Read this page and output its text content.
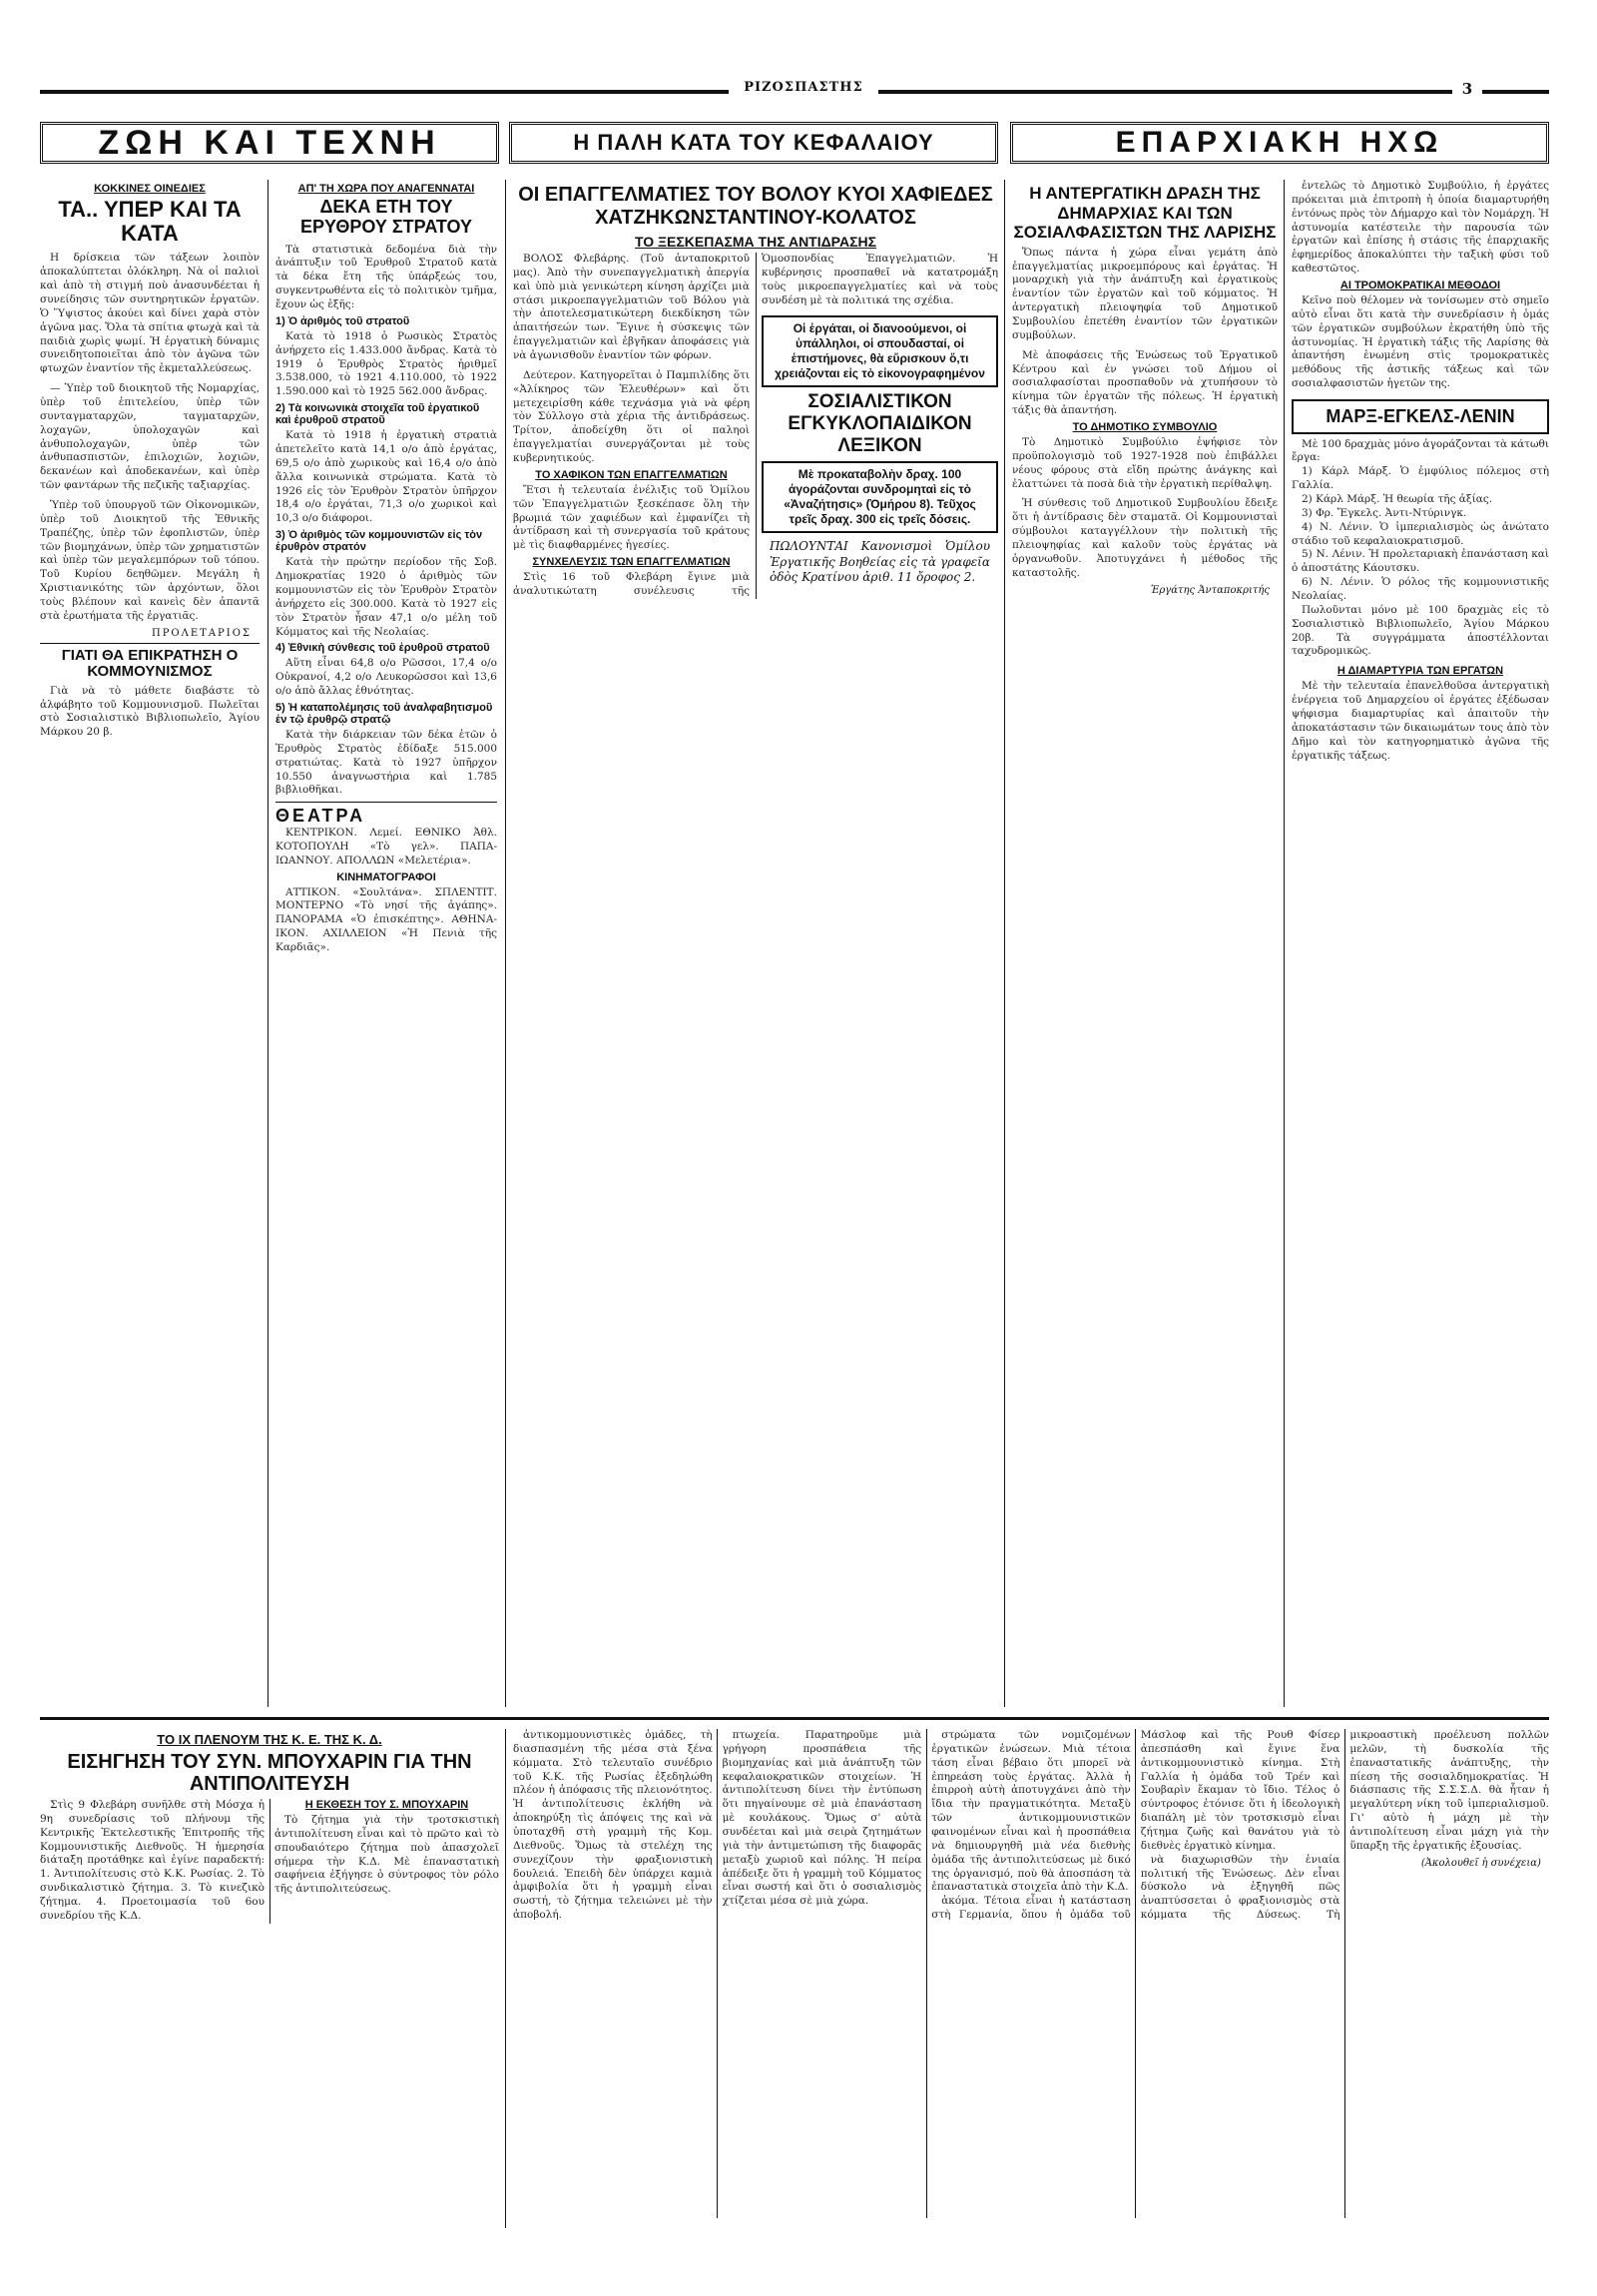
ΡΙΖΟΣΠΑΣΤΗΣ	3
ΖΩΗ ΚΑΙ ΤΕΧΝΗ	Η ΠΑΛΗ ΚΑΤΑ ΤΟΥ ΚΕΦΑΛΑΙΟΥ	ΕΠΑΡΧΙΑΚΗ ΗΧΩ
ΚΟΚΚΙΝΕΣ ΟΙΝΕΔΙΕΣ
ΤΑ.. ΥΠΕΡ ΚΑΙ ΤΑ ΚΑΤΑ

Η δρίσκεια τῶν τάξεων λοιπὸν ἀποκαλύπτεται ὁλόκληρη. Νὰ οἱ παλιοὶ καὶ ἀπὸ τὴ στιγμή ποὺ ἀνασυνδέεται ἡ συνείδησις τῶν συντηρητικῶν ἐργατῶν. Ὁ Ὕψιστος ἀκούει καὶ δίνει χαρὰ στὸν ἀγῶνα μας. Ὅλα τὰ σπίτια φτωχὰ καὶ τὰ παιδιὰ χωρὶς ψωμί. Ἡ ἐργατικὴ δύναμις συνειδητοποιεῖται ἀπὸ τὸν ἀγῶνα τῶν φτωχῶν ἐναντίον τῆς ἐκμεταλλεύσεως.

— Ὑπὲρ τοῦ διοικητοῦ τῆς Νομαρχίας, ὑπὲρ τοῦ ἐπιτελείου, ὑπὲρ τῶν συνταγματαρχῶν, ταγματαρχῶν, λοχαγῶν, ὑπολοχαγῶν καὶ ἀνθυπολοχαγῶν, ὑπὲρ τῶν ἀνθυπασπιστῶν, ἐπιλοχιῶν, λοχιῶν, δεκανέων καὶ ἀποδεκανέων, καὶ ὑπὲρ τῶν φαντάρων τῆς πεζικῆς ταξιαρχίας.

Ὑπὲρ τοῦ ὑπουργοῦ τῶν Οἰκονομικῶν, ὑπὲρ τοῦ Διοικητοῦ τῆς Ἐθνικῆς Τραπέζης, ὑπὲρ τῶν ἐφοπλιστῶν, ὑπὲρ τῶν βιομηχάνων, ὑπὲρ τῶν χρηματιστῶν καὶ ὑπὲρ τῶν μεγαλεμπόρων τοῦ τόπου. Τοῦ Κυρίου δεηθῶμεν. Μεγάλη ἡ Χριστιανικότης τῶν ἀρχόντων, ὅλοι τοὺς βλέπουν καὶ κανεὶς δὲν ἀπαντᾶ στὰ ἐρωτήματα τῆς ἐργατιᾶς.

ΠΡΟΛΕΤΑΡΙΟΣ
ΓΙΑΤΙ ΘΑ ΕΠΙΚΡΑΤΗΣΗ Ο ΚΟΜΜΟΥΝΙΣΜΟΣ

Γιὰ νὰ τὸ μάθετε διαβάστε τὸ ἀλφάβητο τοῦ Κομμουνισμοῦ. Πωλεῖται στὸ Σοσιαλιστικὸ Βιβλιοπωλεῖο, Ἁγίου Μάρκου 20 β.

ΑΠ' ΤΗ ΧΩΡΑ ΠΟΥ ΑΝΑΓΕΝΝΑΤΑΙ
ΔΕΚΑ ΕΤΗ ΤΟΥ ΕΡΥΘΡΟΥ ΣΤΡΑΤΟΥ

Τὰ στατιστικὰ δεδομένα διὰ τὴν ἀνάπτυξιν τοῦ Ἐρυθροῦ Στρατοῦ κατὰ τὰ δέκα ἔτη τῆς ὑπάρξεώς του, συγκεντρωθέντα εἰς τὸ πολιτικὸν τμῆμα, ἔχουν ὡς ἑξῆς:

1) Ὁ ἀριθμὸς τοῦ στρατοῦ

Κατὰ τὸ 1918 ὁ Ρωσικὸς Στρατὸς ἀνήρχετο εἰς 1.433.000 ἄνδρας. Κατὰ τὸ 1919 ὁ Ἐρυθρὸς Στρατὸς ἠριθμεῖ 3.538.000, τὸ 1921 4.110.000, τὸ 1922 1.590.000 καὶ τὸ 1925 562.000 ἄνδρας.

2) Τὰ κοινωνικὰ στοιχεῖα τοῦ ἐργατικοῦ καὶ ἐρυθροῦ στρατοῦ

Κατὰ τὸ 1918 ἡ ἐργατικὴ στρατιὰ ἀπετελεῖτο κατὰ 14,1 ο/ο ἀπὸ ἐργάτας, 69,5 ο/ο ἀπὸ χωρικοὺς καὶ 16,4 ο/ο ἀπὸ ἄλλα κοινωνικὰ στρώματα. Κατὰ τὸ 1926 εἰς τὸν Ἐρυθρὸν Στρατὸν ὑπῆρχον 18,4 ο/ο ἐργάται, 71,3 ο/ο χωρικοὶ καὶ 10,3 ο/ο διάφοροι.

3) Ὁ ἀριθμὸς τῶν κομμουνιστῶν εἰς τὸν ἐρυθρὸν στρατόν

Κατὰ τὴν πρώτην περίοδον τῆς Σοβ. Δημοκρατίας 1920 ὁ ἀριθμὸς τῶν κομμουνιστῶν εἰς τὸν Ἐρυθρὸν Στρατὸν ἀνήρχετο εἰς 300.000. Κατὰ τὸ 1927 εἰς τὸν Στρατὸν ἦσαν 47,1 ο/ο μέλη τοῦ Κόμματος καὶ τῆς Νεολαίας.

4) Ἐθνικὴ σύνθεσις τοῦ ἐρυθροῦ στρατοῦ

Αὕτη εἶναι 64,8 ο/ο Ρῶσσοι, 17,4 ο/ο Οὐκρανοί, 4,2 ο/ο Λευκορῶσσοι καὶ 13,6 ο/ο ἀπὸ ἄλλας ἐθνότητας.

5) Ἡ καταπολέμησις τοῦ ἀναλφαβητισμοῦ ἐν τῷ ἐρυθρῷ στρατῷ

Κατὰ τὴν διάρκειαν τῶν δέκα ἐτῶν ὁ Ἐρυθρὸς Στρατὸς ἐδίδαξε 515.000 στρατιώτας. Κατὰ τὸ 1927 ὑπῆρχον 10.550 ἀναγνωστήρια καὶ 1.785 βιβλιοθῆκαι.

ΘΕΑΤΡΑ

ΚΕΝΤΡΙΚΟΝ. Λεμεί. ΕΘΝΙΚΟ Ἀθλ. ΚΟΤΟΠΟΥΛΗ «Τὸ γελ». ΠΑΠΑ-ΙΩΑΝΝΟΥ. ΑΠΟΛΛΩΝ «Μελετέρια».

ΚΙΝΗΜΑΤΟΓΡΑΦΟΙ

ΑΤΤΙΚΟΝ. «Σουλτάνα». ΣΠΛΕΝΤΙΤ. ΜΟΝΤΕΡΝΟ «Τὸ νησί τῆς ἀγάπης». ΠΑΝΟΡΑΜΑ «Ὁ ἐπισκέπτης». ΑΘΗΝΑ-ΙΚΟΝ. ΑΧΙΛΛΕΙΟΝ «Ἡ Πενιὰ τῆς Καρδιᾶς».

ΟΙ ΕΠΑΓΓΕΛΜΑΤΙΕΣ ΤΟΥ ΒΟΛΟΥ ΚΥΟΙ ΧΑΦΙΕΔΕΣ ΧΑΤΖΗΚΩΝΣΤΑΝΤΙΝΟΥ-ΚΟΛΑΤΟΣ
ΤΟ ΞΕΣΚΕΠΑΣΜΑ ΤΗΣ ΑΝΤΙΔΡΑΣΗΣ

ΒΟΛΟΣ Φλεβάρης. (Τοῦ ἀνταποκριτοῦ μας). Ἀπὸ τὴν συνεπαγγελματικὴ ἀπεργία καὶ ὑπὸ μιὰ γενικώτερη κίνηση ἀρχίζει μιὰ στάσι μικροεπαγγελματιῶν τοῦ Βόλου γιὰ τὴν ἀποτελεσματικώτερη διεκδίκηση τῶν ἀπαιτήσεών των. Ἔγινε ἡ σύσκεψις τῶν ἐπαγγελματιῶν καὶ ἐβγῆκαν ἀποφάσεις γιὰ νὰ ἀγωνισθοῦν ἐναντίον τῶν φόρων.

Δεύτερον. Κατηγορεῖται ὁ Παμπιλίδης ὅτι «Ἀλίκηρος τῶν Ἐλευθέρων» καὶ ὅτι μετεχειρίσθη κάθε τεχνάσμα γιὰ νὰ φέρη τὸν Σύλλογο στὰ χέρια τῆς ἀντιδράσεως. Τρίτον, ἀποδείχθη ὅτι οἱ παληοὶ ἐπαγγελματίαι συνεργάζονται μὲ τοὺς κυβερνητικούς.

ΤΟ ΧΑΦΙΚΟΝ ΤΩΝ ΕΠΑΓΓΕΛΜΑΤΙΩΝ

Ἔτσι ἡ τελευταία ἐνέλιξις τοῦ Ὁμίλου τῶν Ἐπαγγελματιῶν ξεσκέπασε ὅλη τὴν βρωμιά τῶν χαφιέδων καὶ ἐμφανίζει τὴ ἀντίδραση καὶ τὴ συνεργασία τοῦ κράτους μὲ τὶς διαφθαρμένες ἡγεσίες.

ΣΥΝΧΕΛΕΥΣΙΣ ΤΩΝ ΕΠΑΓΓΕΛΜΑΤΙΩΝ

Στὶς 16 τοῦ Φλεβάρη ἔγινε μιὰ ἀναλυτικώτατη συνέλευσις τῆς Ὁμοσπονδίας Ἐπαγγελματιῶν. Ἡ κυβέρνησις προσπαθεῖ νὰ κατατρομάξη τοὺς μικροεπαγγελματίες καὶ νὰ τοὺς συνδέση μὲ τὰ πολιτικά της σχέδια.

Οἱ ἐργάται, οἱ διανοούμενοι, οἱ ὑπάλληλοι, οἱ σπουδασταί, οἱ ἐπιστήμονες, θὰ εὕρισκουν ὅ,τι χρειάζονται εἰς τὸ εἰκονογραφημένον
ΣΟΣΙΑΛΙΣΤΙΚΟΝ ΕΓΚΥΚΛΟΠΑΙΔΙΚΟΝ ΛΕΞΙΚΟΝ
Μὲ προκαταβολὴν δραχ. 100 ἀγοράζονται συνδρομηταὶ εἰς τὸ «Ἀναζήτησις» (Ὀμήρου 8). Τεῦχος τρεῖς δραχ. 300 εἰς τρεῖς δόσεις.

ΠΩΛΟΥΝΤΑΙ Κανονισμοὶ Ὁμίλου Ἐργατικῆς Βοηθείας εἰς τὰ γραφεῖα ὁδὸς Κρατίνου ἀριθ. 11 ὄροφος 2.

Η ΑΝΤΕΡΓΑΤΙΚΗ ΔΡΑΣΗ ΤΗΣ ΔΗΜΑΡΧΙΑΣ ΚΑΙ ΤΩΝ ΣΟΣΙΑΛΦΑΣΙΣΤΩΝ ΤΗΣ ΛΑΡΙΣΗΣ

Ὅπως πάντα ἡ χώρα εἶναι γεμάτη ἀπὸ ἐπαγγελματίας μικροεμπόρους καὶ ἐργάτας. Ἡ μοναρχικὴ γιὰ τὴν ἀνάπτυξη καὶ ἐργατικοὺς ἐναντίον τῶν ἐργατῶν καὶ τοῦ κόμματος. Ἡ ἀντεργατικὴ πλειοψηφία τοῦ Δημοτικοῦ Συμβουλίου ἐπετέθη ἐναντίον τῶν ἐργατικῶν συμβούλων.

Μὲ ἀποφάσεις τῆς Ἐνώσεως τοῦ Ἐργατικοῦ Κέντρου καὶ ἐν γνώσει τοῦ Δήμου οἱ σοσιαλφασίσται προσπαθοῦν νὰ χτυπήσουν τὸ κίνημα τῶν ἐργατῶν τῆς πόλεως. Ἡ ἐργατικὴ τάξις θὰ ἀπαντήση.

ΤΟ ΔΗΜΟΤΙΚΟ ΣΥΜΒΟΥΛΙΟ

Τὸ Δημοτικὸ Συμβούλιο ἐψήφισε τὸν προϋπολογισμὸ τοῦ 1927-1928 ποὺ ἐπιβάλλει νέους φόρους στὰ εἴδη πρώτης ἀνάγκης καὶ ἐλαττώνει τὰ ποσὰ διὰ τὴν ἐργατικὴ περίθαλψη.

Ἡ σύνθεσις τοῦ Δημοτικοῦ Συμβουλίου ἔδειξε ὅτι ἡ ἀντίδρασις δὲν σταματᾶ. Οἱ Κομμουνισταὶ σύμβουλοι καταγγέλλουν τὴν πολιτικὴ τῆς πλειοψηφίας καὶ καλοῦν τοὺς ἐργάτας νὰ ὀργανωθοῦν. Ἀποτυγχάνει ἡ μέθοδος τῆς καταστολῆς.

Ἐργάτης Ἀνταποκριτής

ἐντελῶς τὸ Δημοτικὸ Συμβούλιο, ἡ ἐργάτες πρόκειται μιὰ ἐπιτροπὴ ἡ ὁποία διαμαρτυρήθη ἐντόνως πρὸς τὸν Δήμαρχο καὶ τὸν Νομάρχη. Ἡ ἀστυνομία κατέστειλε τὴν παρουσία τῶν ἐργατῶν καὶ ἐπίσης ἡ στάσις τῆς ἐπαρχιακῆς ἐφημερίδος ἀποκαλύπτει τὴν ταξικὴ φύσι τοῦ καθεστῶτος.

ΑΙ ΤΡΟΜΟΚΡΑΤΙΚΑΙ ΜΕΘΟΔΟΙ

Κεῖνο ποὺ θέλομεν νὰ τονίσωμεν στὸ σημεῖο αὐτὸ εἶναι ὅτι κατὰ τὴν συνεδρίασιν ἡ ὁμάς τῶν ἐργατικῶν συμβούλων ἐκρατήθη ὑπὸ τῆς ἀστυνομίας. Ἡ ἐργατικὴ τάξις τῆς Λαρίσης θὰ ἀπαντήση ἑνωμένη στὶς τρομοκρατικὲς μεθόδους τῆς ἀστικῆς τάξεως καὶ τῶν σοσιαλφασιστῶν ἡγετῶν της.

ΜΑΡΞ-ΕΓΚΕΛΣ-ΛΕΝΙΝ

Μὲ 100 δραχμὰς μόνο ἀγοράζονται τὰ κάτωθι ἔργα:

1) Κάρλ Μάρξ. Ὁ ἐμφύλιος πόλεμος στὴ Γαλλία.

2) Κάρλ Μάρξ. Ἡ θεωρία τῆς ἀξίας.

3) Φρ. Ἔγκελς. Ἀντι-Ντύρινγκ.

4) Ν. Λένιν. Ὁ ἰμπεριαλισμὸς ὡς ἀνώτατο στάδιο τοῦ κεφαλαιοκρατισμοῦ.

5) Ν. Λένιν. Ἡ προλεταριακὴ ἐπανάσταση καὶ ὁ ἀποστάτης Κάουτσκυ.

6) Ν. Λένιν. Ὁ ρόλος τῆς κομμουνιστικῆς Νεολαίας.

Πωλοῦνται μόνο μὲ 100 δραχμὰς εἰς τὸ Σοσιαλιστικὸ Βιβλιοπωλεῖο, Ἁγίου Μάρκου 20β. Τὰ συγγράμματα ἀποστέλλονται ταχυδρομικῶς.

Η ΔΙΑΜΑΡΤΥΡΙΑ ΤΩΝ ΕΡΓΑΤΩΝ

Μὲ τὴν τελευταία ἐπανελθοῦσα ἀντεργατικὴ ἐνέργεια τοῦ Δημαρχείου οἱ ἐργάτες ἐξέδωσαν ψήφισμα διαμαρτυρίας καὶ ἀπαιτοῦν τὴν ἀποκατάστασιν τῶν δικαιωμάτων τους ἀπὸ τὸν Δῆμο καὶ τὸν κατηγορηματικὸ ἀγῶνα τῆς ἐργατικῆς τάξεως.

ΤΟ ΙΧ ΠΛΕΝΟΥΜ ΤΗΣ Κ. Ε. ΤΗΣ Κ. Δ.
ΕΙΣΗΓΗΣΗ ΤΟΥ ΣΥΝ. ΜΠΟΥΧΑΡΙΝ ΓΙΑ ΤΗΝ ΑΝΤΙΠΟΛΙΤΕΥΣΗ

Στὶς 9 Φλεβάρη συνῆλθε στὴ Μόσχα ἡ 9η συνεδρίασις τοῦ πλήνουμ τῆς Κεντρικῆς Ἐκτελεστικῆς Ἐπιτροπῆς τῆς Κομμουνιστικῆς Διεθνοῦς. Ἡ ἡμερησία διάταξη προτάθηκε καὶ ἐγίνε παραδεκτή: 1. Ἀντιπολίτευσις στὸ Κ.Κ. Ρωσίας. 2. Τὸ συνδικαλιστικὸ ζήτημα. 3. Τὸ κινεζικὸ ζήτημα. 4. Προετοιμασία τοῦ 6ου συνεδρίου τῆς Κ.Δ.

Η ΕΚΘΕΣΗ ΤΟΥ Σ. ΜΠΟΥΧΑΡΙΝ

Τὸ ζήτημα γιὰ τὴν τροτσκιστικὴ ἀντιπολίτευση εἶναι καὶ τὸ πρῶτο καὶ τὸ σπουδαιότερο ζήτημα ποὺ ἀπασχολεῖ σήμερα τὴν Κ.Δ. Μὲ ἐπαναστατικὴ σαφήνεια ἐξήγησε ὁ σύντροφος τὸν ρόλο τῆς ἀντιπολιτεύσεως.

ἀντικομμουνιστικὲς ὁμάδες, τὴ διασπασμένη τῆς μέσα στὰ ξένα κόμματα. Στὸ τελευταῖο συνέδριο τοῦ Κ.Κ. τῆς Ρωσίας ἐξεδηλώθη πλέον ἡ ἀπόφασις τῆς πλειονότητος. Ἡ ἀντιπολίτευσις ἐκλήθη νὰ ἀποκηρύξη τὶς ἀπόψεις της καὶ νὰ ὑποταχθῆ στὴ γραμμὴ τῆς Κομ. Διεθνοῦς. Ὅμως τὰ στελέχη της συνεχίζουν τὴν φραξιονιστικὴ δουλειά. Ἐπειδὴ δὲν ὑπάρχει καμιὰ ἀμφιβολία ὅτι ἡ γραμμὴ εἶναι σωστή, τὸ ζήτημα τελειώνει μὲ τὴν ἀποβολή.

πτωχεία. Παρατηροῦμε μιὰ γρήγορη προσπάθεια τῆς βιομηχανίας καὶ μιὰ ἀνάπτυξη τῶν κεφαλαιοκρατικῶν στοιχείων. Ἡ ἀντιπολίτευση δίνει τὴν ἐντύπωση ὅτι πηγαίνουμε σὲ μιὰ ἐπανάσταση μὲ κουλάκους. Ὅμως σ' αὐτὰ συνδέεται καὶ μιὰ σειρὰ ζητημάτων γιὰ τὴν ἀντιμετώπιση τῆς διαφορᾶς μεταξὺ χωριοῦ καὶ πόλης. Ἡ πείρα ἀπέδειξε ὅτι ἡ γραμμὴ τοῦ Κόμματος εἶναι σωστή καὶ ὅτι ὁ σοσιαλισμὸς χτίζεται μέσα σὲ μιὰ χώρα.

στρώματα τῶν νομιζομένων ἐργατικῶν ἐνώσεων. Μιὰ τέτοια τάση εἶναι βέβαιο ὅτι μπορεῖ νὰ ἐπηρεάση τοὺς ἐργάτας. Ἀλλὰ ἡ ἐπιρροὴ αὐτὴ ἀποτυγχάνει ἀπὸ τὴν ἴδια τὴν πραγματικότητα. Μεταξὺ τῶν ἀντικομμουνιστικῶν φαινομένων εἶναι καὶ ἡ προσπάθεια νὰ δημιουργηθῆ μιὰ νέα διεθνὴς ὁμάδα τῆς ἀντιπολιτεύσεως μὲ δικό της ὀργανισμό, ποὺ θὰ ἀποσπάση τὰ ἐπαναστατικὰ στοιχεῖα ἀπὸ τὴν Κ.Δ.

ἀκόμα. Τέτοια εἶναι ἡ κατάσταση στὴ Γερμανία, ὅπου ἡ ὁμάδα τοῦ Μάσλοφ καὶ τῆς Ρουθ Φίσερ ἀπεσπάσθη καὶ ἔγινε ἕνα ἀντικομμουνιστικὸ κίνημα. Στὴ Γαλλία ἡ ὁμάδα τοῦ Τρέν καὶ Σουβαρὶν ἔκαμαν τὸ ἴδιο. Τέλος ὁ σύντροφος ἐτόνισε ὅτι ἡ ἰδεολογικὴ διαπάλη μὲ τὸν τροτσκισμὸ εἶναι ζήτημα ζωῆς καὶ θανάτου γιὰ τὸ διεθνὲς ἐργατικὸ κίνημα.

νὰ διαχωρισθῶν τὴν ἑνιαία πολιτική τῆς Ἑνώσεως. Δὲν εἶναι δύσκολο νὰ ἐξηγηθῆ πῶς ἀναπτύσσεται ὁ φραξιονισμὸς στὰ κόμματα τῆς Δύσεως. Τὴ μικροαστικὴ προέλευση πολλῶν μελῶν, τὴ δυσκολία τῆς ἐπαναστατικῆς ἀνάπτυξης, τὴν πίεση τῆς σοσιαλδημοκρατίας. Ἡ διάσπασις τῆς Σ.Σ.Σ.Δ. θὰ ἦταν ἡ μεγαλύτερη νίκη τοῦ ἰμπεριαλισμοῦ. Γι' αὐτὸ ἡ μάχη μὲ τὴν ἀντιπολίτευση εἶναι μάχη γιὰ τὴν ὕπαρξη τῆς ἐργατικῆς ἐξουσίας.

(Ἀκολουθεῖ ἡ συνέχεια)
